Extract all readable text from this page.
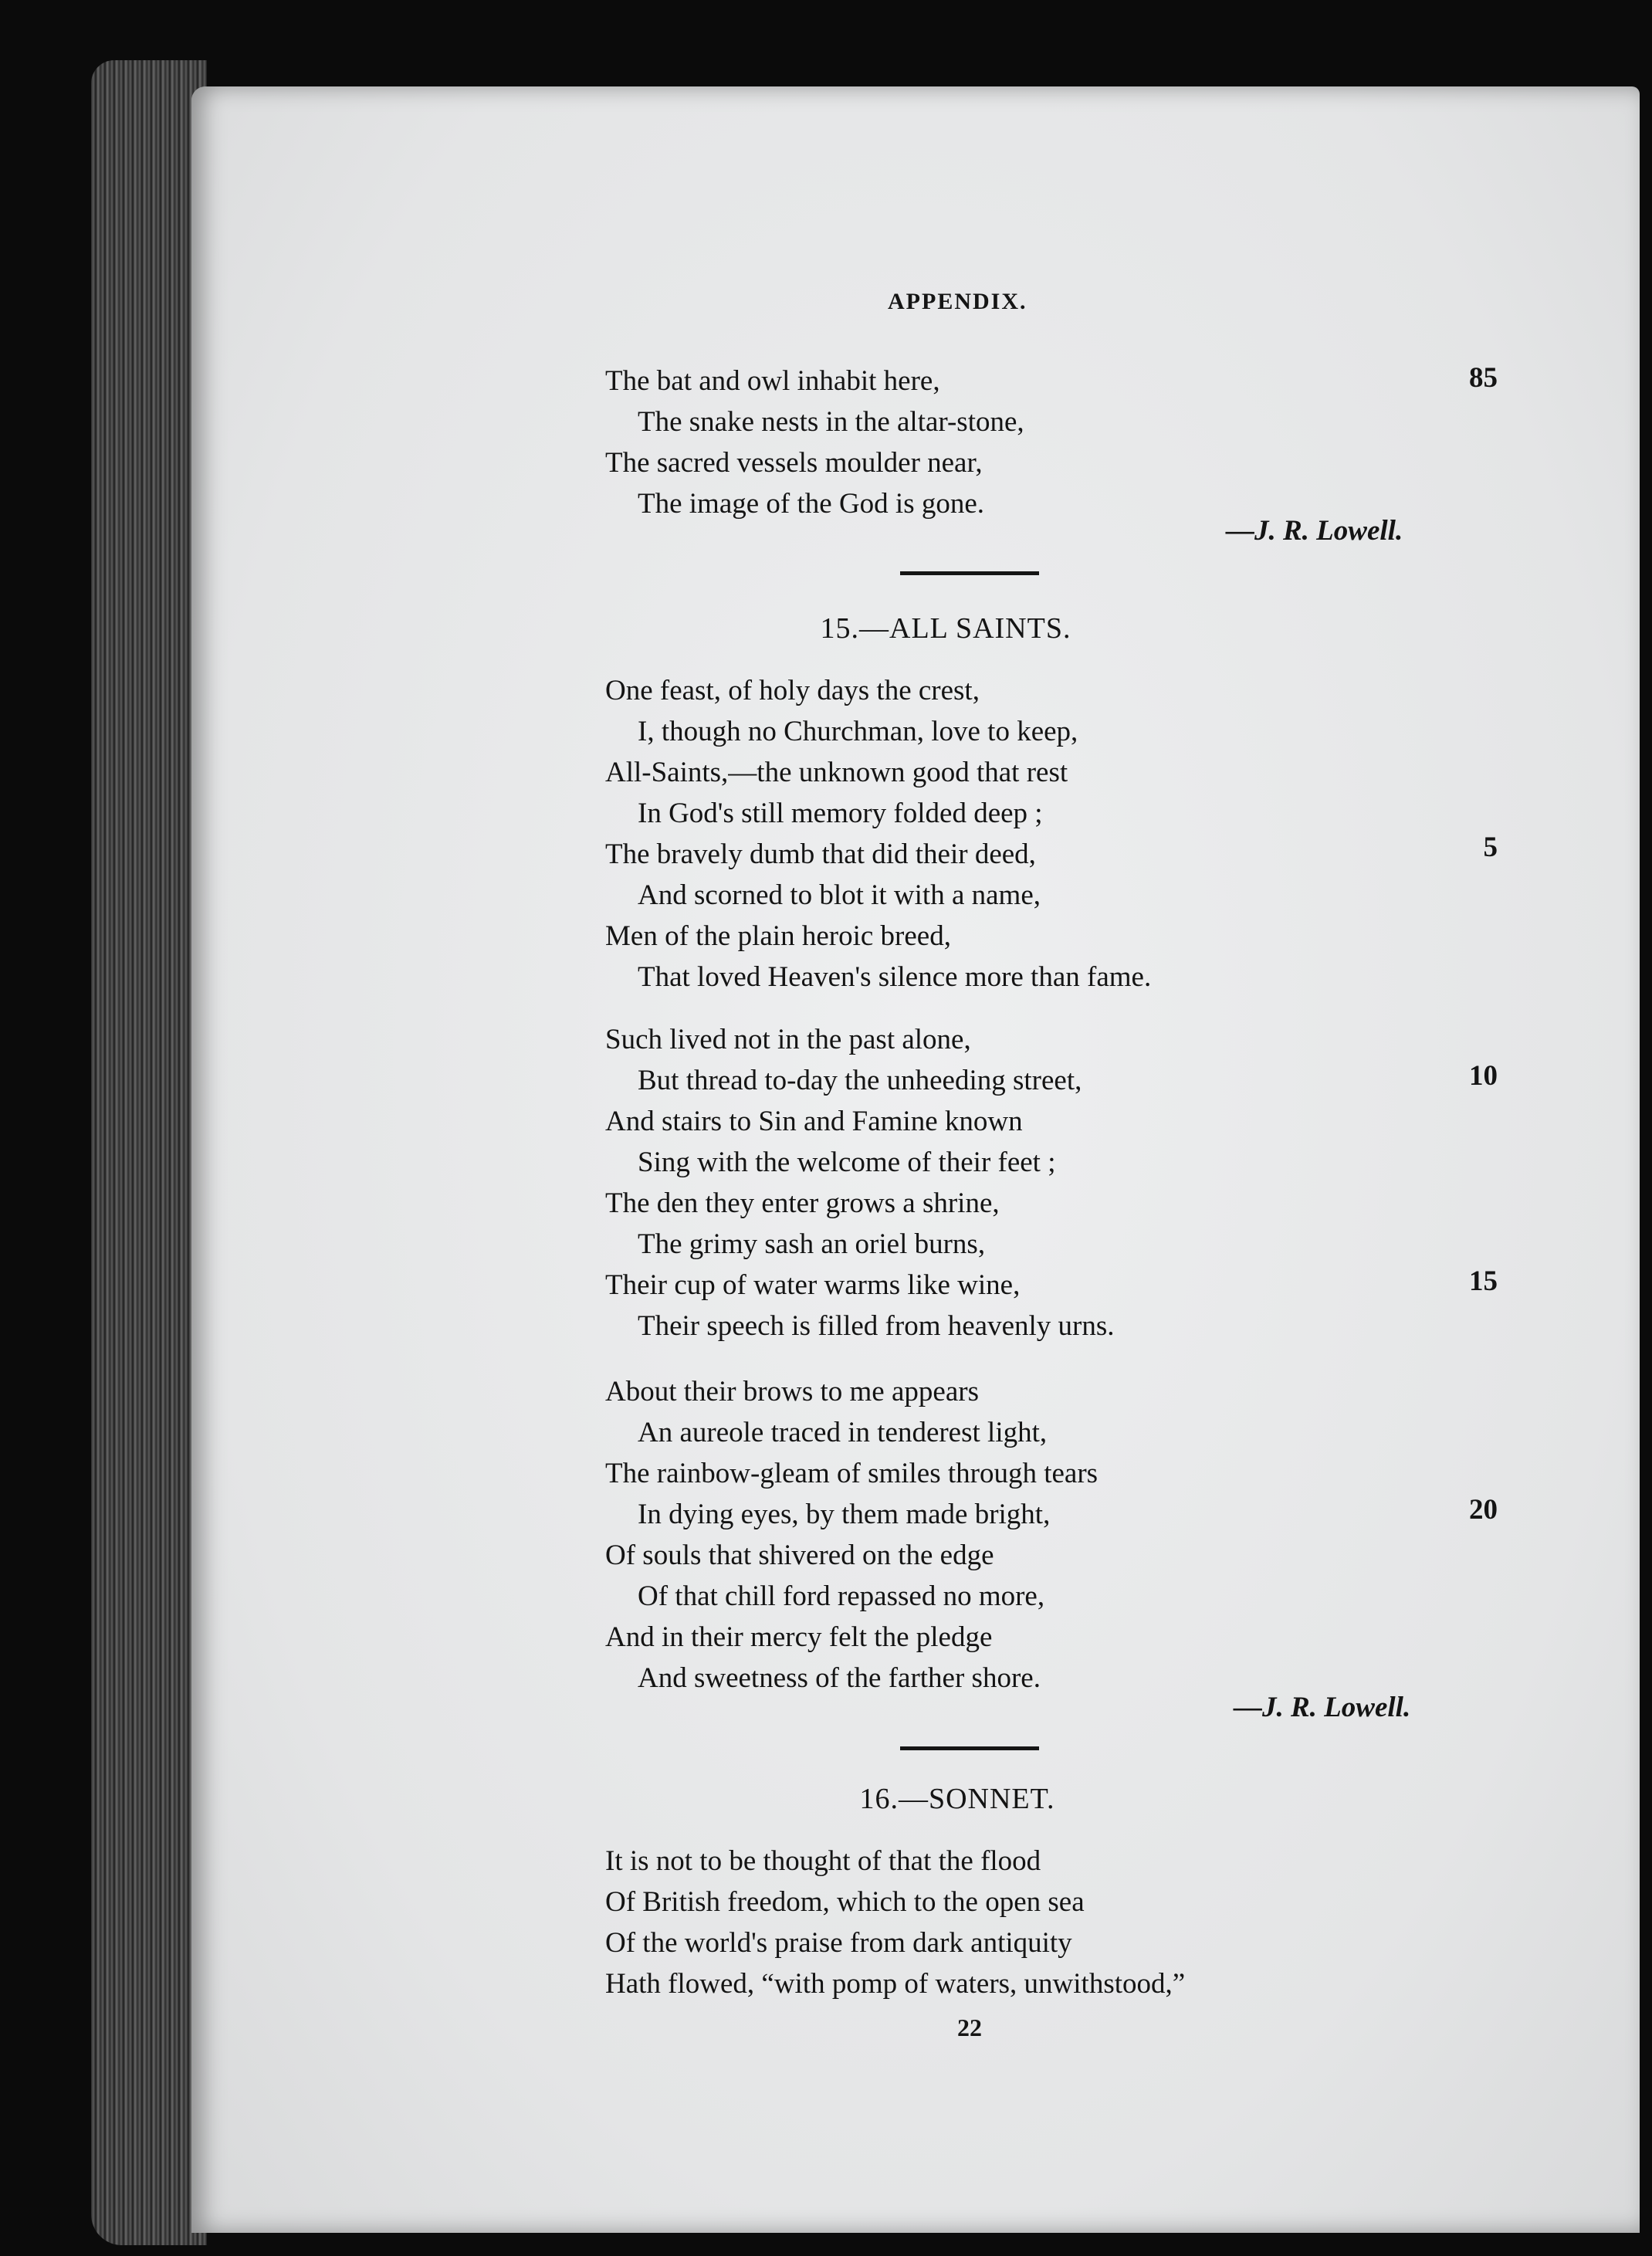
APPENDIX.
The bat and owl inhabit here,
The snake nests in the altar-stone,
The sacred vessels moulder near,
The image of the God is gone.
85
—J. R. Lowell.
15.—ALL SAINTS.
One feast, of holy days the crest,
I, though no Churchman, love to keep,
All-Saints,—the unknown good that rest
In God's still memory folded deep ;
The bravely dumb that did their deed,
And scorned to blot it with a name,
Men of the plain heroic breed,
That loved Heaven's silence more than fame.
Such lived not in the past alone,
But thread to-day the unheeding street,
And stairs to Sin and Famine known
Sing with the welcome of their feet ;
The den they enter grows a shrine,
The grimy sash an oriel burns,
Their cup of water warms like wine,
Their speech is filled from heavenly urns.
About their brows to me appears
An aureole traced in tenderest light,
The rainbow-gleam of smiles through tears
In dying eyes, by them made bright,
Of souls that shivered on the edge
Of that chill ford repassed no more,
And in their mercy felt the pledge
And sweetness of the farther shore.
5
10
15
20
—J. R. Lowell.
16.—SONNET.
It is not to be thought of that the flood
Of British freedom, which to the open sea
Of the world's praise from dark antiquity
Hath flowed, “with pomp of waters, unwithstood,”
22
